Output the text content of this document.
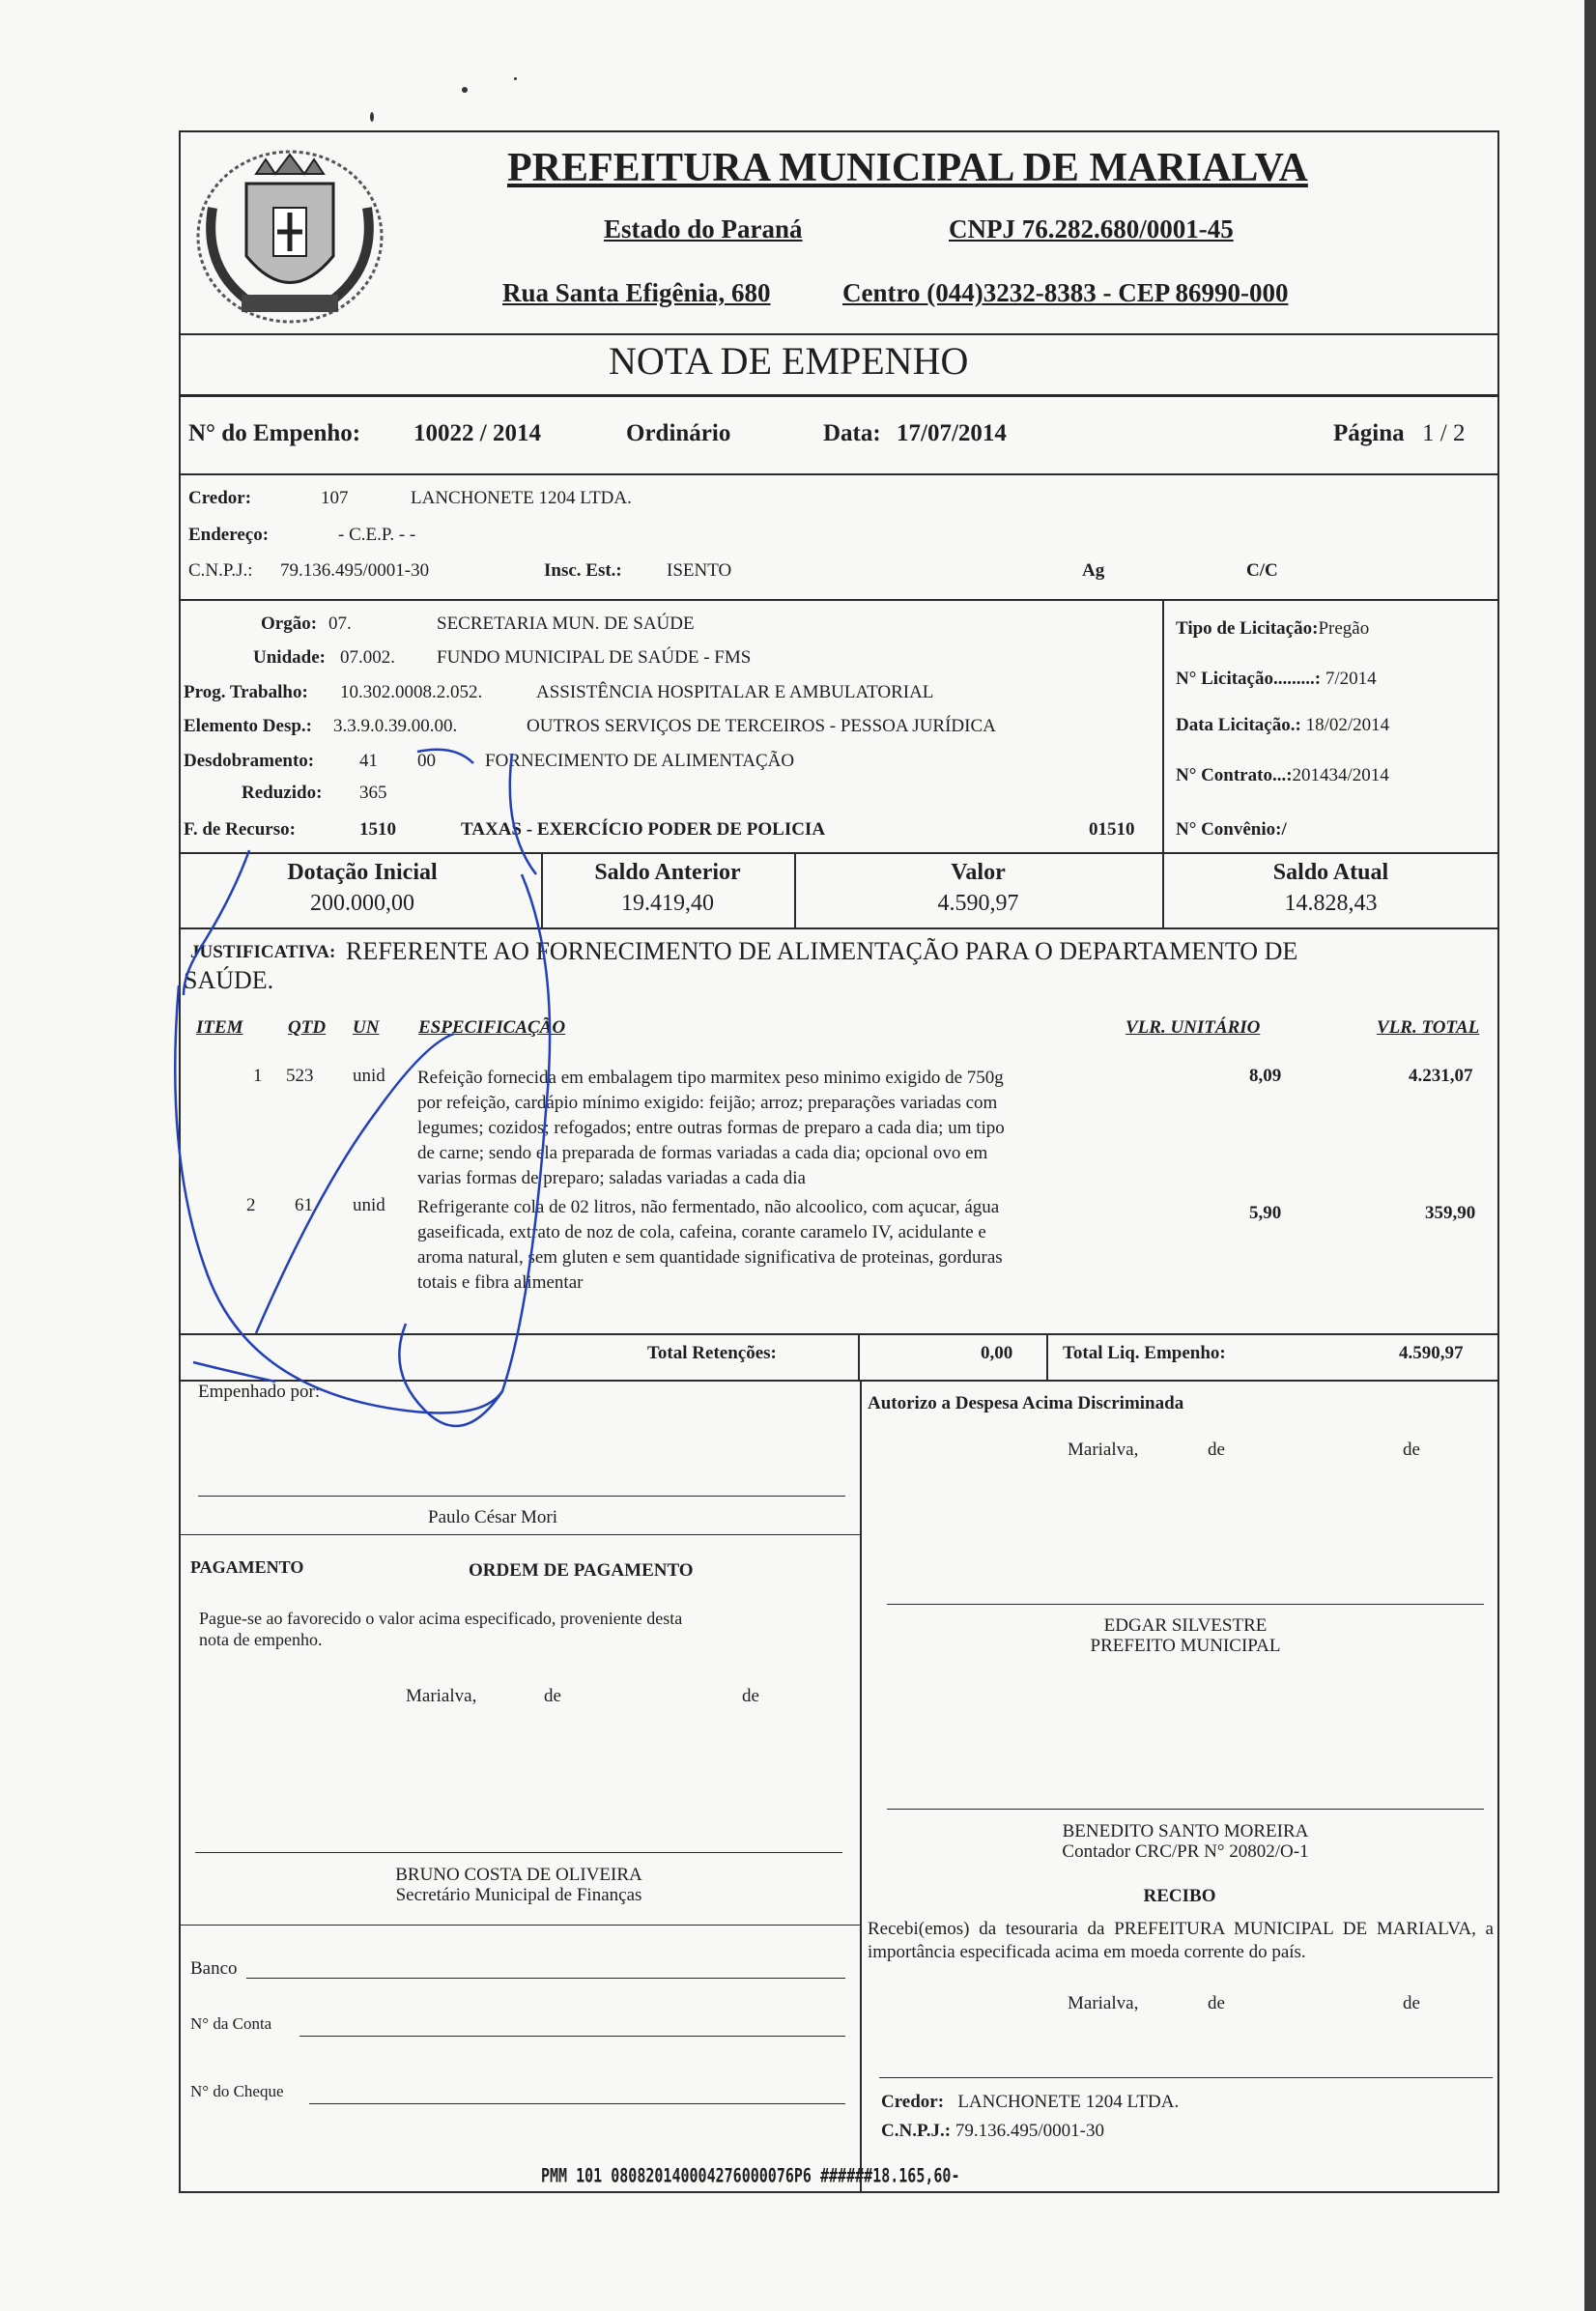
PREFEITURA MUNICIPAL DE MARIALVA
Estado do Paraná	CNPJ 76.282.680/0001-45
Rua Santa Efigênia, 680	Centro (044)3232-8383 - CEP 86990-000
NOTA DE EMPENHO
N° do Empenho: 10022 / 2014	Ordinário	Data: 17/07/2014	Página 1 / 2
Credor:	107	LANCHONETE 1204 LTDA.
Endereço:	- C.E.P. - -
C.N.P.J.: 79.136.495/0001-30	Insc. Est.: ISENTO	Ag	C/C
Orgão: 07.	SECRETARIA MUN. DE SAÚDE
Unidade: 07.002. FUNDO MUNICIPAL DE SAÚDE - FMS
Prog. Trabalho: 10.302.0008.2.052.	ASSISTÊNCIA HOSPITALAR E AMBULATORIAL
Elemento Desp.: 3.3.9.0.39.00.00.	OUTROS SERVIÇOS DE TERCEIROS - PESSOA JURÍDICA
Desdobramento: 41 00	FORNECIMENTO DE ALIMENTAÇÃO
Reduzido: 365
F. de Recurso:	1510	TAXAS - EXERCÍCIO PODER DE POLICIA	01510
Tipo de Licitação:Pregão
N° Licitação.........: 7/2014
Data Licitação.: 18/02/2014
N° Contrato...:201434/2014
N° Convênio:/
Dotação Inicial
200.000,00
Saldo Anterior
19.419,40
Valor
4.590,97
Saldo Atual
14.828,43
JUSTIFICATIVA: REFERENTE AO FORNECIMENTO DE ALIMENTAÇÃO PARA O DEPARTAMENTO DE
SAÚDE.
ITEM QTD UN ESPECIFICAÇÃO	VLR. UNITÁRIO	VLR. TOTAL
1 523 unid Refeição fornecida em embalagem tipo marmitex peso minimo exigido de 750g
por refeição, cardápio mínimo exigido: feijão; arroz; preparações variadas com
legumes; cozidos; refogados; entre outras formas de preparo a cada dia; um tipo
de carne; sendo ela preparada de formas variadas a cada dia; opcional ovo em
varias formas de preparo; saladas variadas a cada dia
8,09	4.231,07
2 61 unid Refrigerante cola de 02 litros, não fermentado, não alcoolico, com açucar, água
gaseificada, extrato de noz de cola, cafeina, corante caramelo IV, acidulante e
aroma natural, sem gluten e sem quantidade significativa de proteinas, gorduras
totais e fibra alimentar
5,90	359,90
Total Retenções:	0,00	Total Liq. Empenho:	4.590,97
Empenhado por:
Autorizo a Despesa Acima Discriminada
Marialva,	de	de
Paulo César Mori
PAGAMENTO	ORDEM DE PAGAMENTO
Pague-se ao favorecido o valor acima especificado, proveniente desta
nota de empenho.
Marialva,	de	de
EDGAR SILVESTRE
PREFEITO MUNICIPAL
BENEDITO SANTO MOREIRA
Contador CRC/PR N° 20802/O-1
BRUNO COSTA DE OLIVEIRA
Secretário Municipal de Finanças	RECIBO
Recebi(emos) da tesouraria da PREFEITURA MUNICIPAL DE MARIALVA, a importância especificada acima em moeda corrente do país.
Marialva,	de	de
Banco
N° da Conta
N° do Cheque
Credor: LANCHONETE 1204 LTDA.
C.N.P.J.: 79.136.495/0001-30
PMM 101 080820140004276000076P6 ######18.165,60-
